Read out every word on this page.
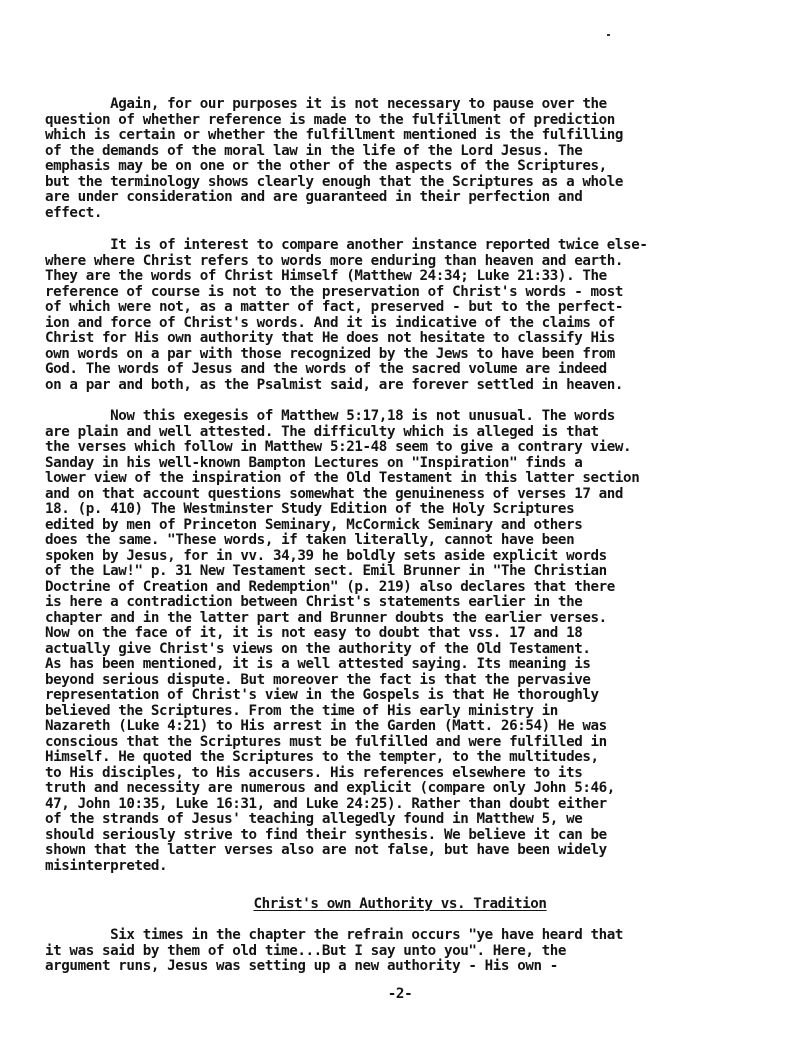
Again, for our purposes it is not necessary to pause over the
question of whether reference is made to the fulfillment of prediction
which is certain or whether the fulfillment mentioned is the fulfilling
of the demands of the moral law in the life of the Lord Jesus. The
emphasis may be on one or the other of the aspects of the Scriptures,
but the terminology shows clearly enough that the Scriptures as a whole
are under consideration and are guaranteed in their perfection and
effect.

It is of interest to compare another instance reported twice else-
where where Christ refers to words more enduring than heaven and earth.
They are the words of Christ Himself (Matthew 24:34; Luke 21:33). The
reference of course is not to the preservation of Christ's words - most
of which were not, as a matter of fact, preserved - but to the perfect-
ion and force of Christ's words. And it is indicative of the claims of
Christ for His own authority that He does not hesitate to classify His
own words on a par with those recognized by the Jews to have been from
God. The words of Jesus and the words of the sacred volume are indeed
on a par and both, as the Psalmist said, are forever settled in heaven.

Now this exegesis of Matthew 5:17,18 is not unusual. The words
are plain and well attested. The difficulty which is alleged is that
the verses which follow in Matthew 5:21-48 seem to give a contrary view.
Sanday in his well-known Bampton Lectures on "Inspiration" finds a
lower view of the inspiration of the Old Testament in this latter section
and on that account questions somewhat the genuineness of verses 17 and
18. (p. 410) The Westminster Study Edition of the Holy Scriptures
edited by men of Princeton Seminary, McCormick Seminary and others
does the same. "These words, if taken literally, cannot have been
spoken by Jesus, for in vv. 34,39 he boldly sets aside explicit words
of the Law!" p. 31 New Testament sect. Emil Brunner in "The Christian
Doctrine of Creation and Redemption" (p. 219) also declares that there
is here a contradiction between Christ's statements earlier in the
chapter and in the latter part and Brunner doubts the earlier verses.
Now on the face of it, it is not easy to doubt that vss. 17 and 18
actually give Christ's views on the authority of the Old Testament.
As has been mentioned, it is a well attested saying. Its meaning is
beyond serious dispute. But moreover the fact is that the pervasive
representation of Christ's view in the Gospels is that He thoroughly
believed the Scriptures. From the time of His early ministry in
Nazareth (Luke 4:21) to His arrest in the Garden (Matt. 26:54) He was
conscious that the Scriptures must be fulfilled and were fulfilled in
Himself. He quoted the Scriptures to the tempter, to the multitudes,
to His disciples, to His accusers. His references elsewhere to its
truth and necessity are numerous and explicit (compare only John 5:46,
47, John 10:35, Luke 16:31, and Luke 24:25). Rather than doubt either
of the strands of Jesus' teaching allegedly found in Matthew 5, we
should seriously strive to find their synthesis. We believe it can be
shown that the latter verses also are not false, but have been widely
misinterpreted.

Christ's own Authority vs. Tradition

Six times in the chapter the refrain occurs "ye have heard that
it was said by them of old time...But I say unto you". Here, the
argument runs, Jesus was setting up a new authority - His own -

-2-
